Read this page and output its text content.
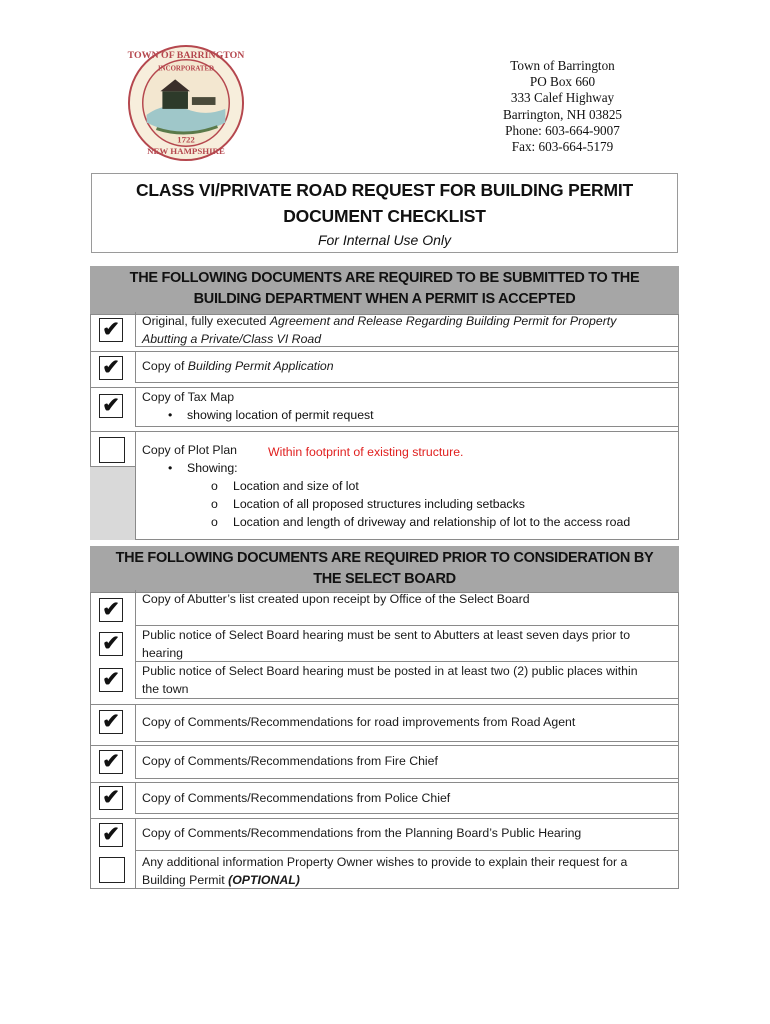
TOWN OF BARRINGTON
INCORPORATED
1722
NEW HAMPSHIRE
Town of Barrington
PO Box 660
333 Calef Highway
Barrington, NH 03825
Phone: 603-664-9007
Fax: 603-664-5179
CLASS VI/PRIVATE ROAD REQUEST FOR BUILDING PERMIT
DOCUMENT CHECKLIST
For Internal Use Only
THE FOLLOWING DOCUMENTS ARE REQUIRED TO BE SUBMITTED TO THE
BUILDING DEPARTMENT WHEN A PERMIT IS ACCEPTED
✔ Original, fully executed Agreement and Release Regarding Building Permit for Property
Abutting a Private/Class VI Road
✔ Copy of Building Permit Application
✔ Copy of Tax Map
• showing location of permit request
Copy of Plot Plan	Within footprint of existing structure.
• Showing:
o Location and size of lot
o Location of all proposed structures including setbacks
o Location and length of driveway and relationship of lot to the access road
THE FOLLOWING DOCUMENTS ARE REQUIRED PRIOR TO CONSIDERATION BY
THE SELECT BOARD
✔ Copy of Abutter’s list created upon receipt by Office of the Select Board
✔ Public notice of Select Board hearing must be sent to Abutters at least seven days prior to
hearing
✔ Public notice of Select Board hearing must be posted in at least two (2) public places within
the town
✔ Copy of Comments/Recommendations for road improvements from Road Agent
✔ Copy of Comments/Recommendations from Fire Chief
✔ Copy of Comments/Recommendations from Police Chief
✔ Copy of Comments/Recommendations from the Planning Board’s Public Hearing
Any additional information Property Owner wishes to provide to explain their request for a
Building Permit (OPTIONAL)
